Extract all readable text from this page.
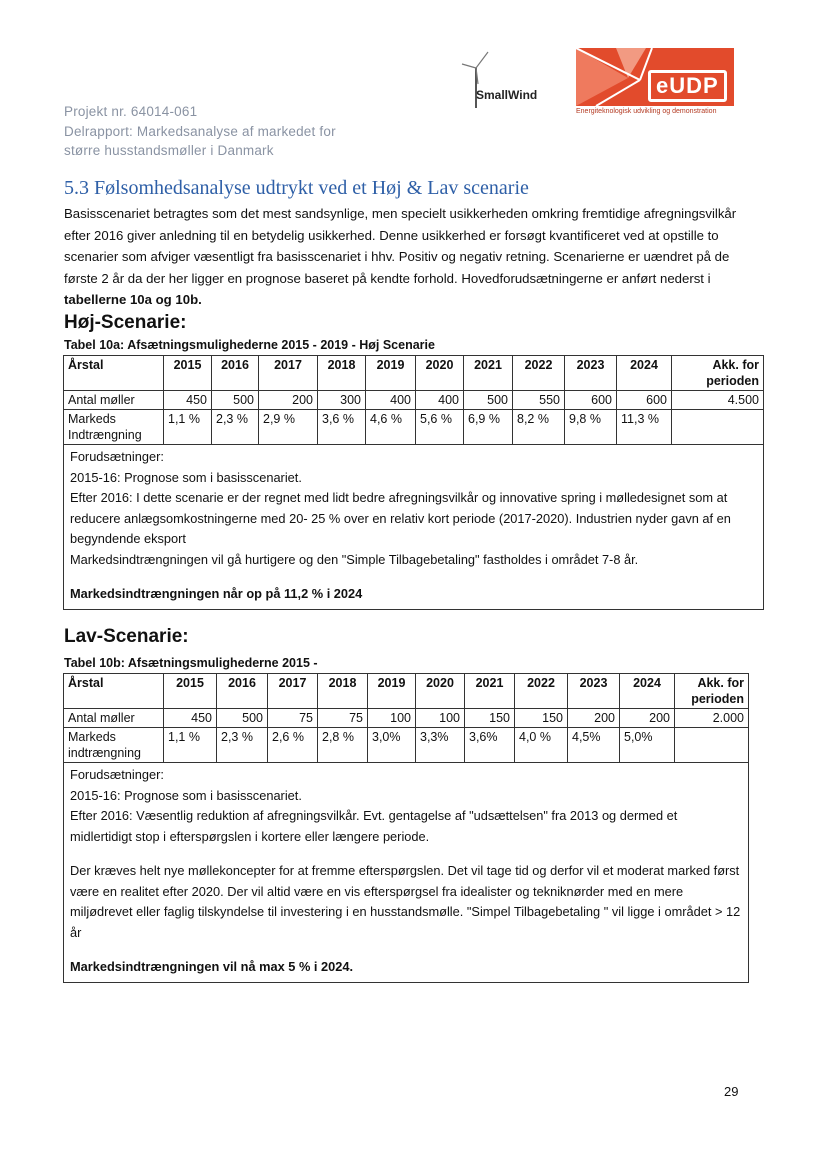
Projekt nr. 64014-061
Delrapport: Markedsanalyse af markedet for
større husstandsmøller i Danmark
SmallWind	eUDP
Energiteknologisk udvikling og demonstration
5.3 Følsomhedsanalyse udtrykt ved et Høj & Lav scenarie
Basisscenariet betragtes som det mest sandsynlige, men specielt usikkerheden omkring fremtidige afregningsvilkår efter 2016 giver anledning til en betydelig usikkerhed. Denne usikkerhed er forsøgt kvantificeret ved at opstille to scenarier som afviger væsentligt fra basisscenariet i hhv. Positiv og negativ retning. Scenarierne er uændret på de første 2 år da der her ligger en prognose baseret på kendte forhold. Hovedforudsætningerne er anført nederst i tabellerne 10a og 10b.
Høj-Scenarie:
Tabel 10a: Afsætningsmulighederne 2015 - 2019 - Høj Scenarie
Årstal	2015	2016	2017	2018	2019	2020	2021	2022	2023	2024	Akk. for perioden
Antal møller	450	500	200	300	400	400	500	550	600	600	4.500
Markeds Indtrængning	1,1 %	2,3 %	2,9 %	3,6 %	4,6 %	5,6 %	6,9 %	8,2 %	9,8 %	11,3 %	

Forudsætninger:

2015-16: Prognose som i basisscenariet.

Efter 2016: I dette scenarie er der regnet med lidt bedre afregningsvilkår og innovative spring i mølledesignet som at reducere anlægsomkostningerne med 20- 25 % over en relativ kort periode (2017-2020). Industrien nyder gavn af en begyndende eksport

Markedsindtrængningen vil gå hurtigere og den "Simple Tilbagebetaling" fastholdes i området 7-8 år.

Markedsindtrængningen når op på 11,2 % i 2024											

Lav-Scenarie:
Tabel 10b: Afsætningsmulighederne 2015 -
Årstal	2015	2016	2017	2018	2019	2020	2021	2022	2023	2024	Akk. for perioden
Antal møller	450	500	75	75	100	100	150	150	200	200	2.000
Markeds indtrængning	1,1 %	2,3 %	2,6 %	2,8 %	3,0%	3,3%	3,6%	4,0 %	4,5%	5,0%	

Forudsætninger:

2015-16: Prognose som i basisscenariet.

Efter 2016: Væsentlig reduktion af afregningsvilkår. Evt. gentagelse af "udsættelsen" fra 2013 og dermed et midlertidigt stop i efterspørgslen i kortere eller længere periode.

Der kræves helt nye møllekoncepter for at fremme efterspørgslen. Det vil tage tid og derfor vil et moderat marked først være en realitet efter 2020. Der vil altid være en vis efterspørgsel fra idealister og tekniknørder med en mere miljødrevet eller faglig tilskyndelse til investering i en husstandsmølle. "Simpel Tilbagebetaling " vil ligge i området > 12 år

Markedsindtrængningen vil nå max 5 % i 2024.											

29
